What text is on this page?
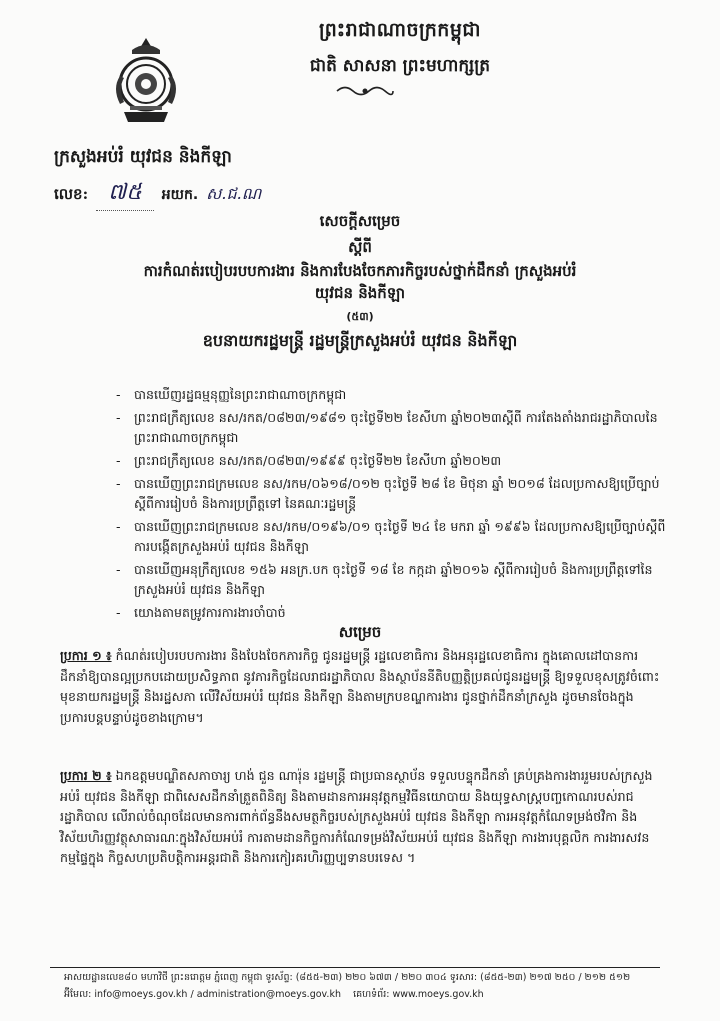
ព្រះរាជាណាចក្រកម្ពុជា
ជាតិ សាសនា ព្រះមហាក្សត្រ
ក្រសួងអប់រំ យុវជន និងកីឡា
លេខ: ៧៥	អយក. ស.ជ.ណ
សេចក្តីសម្រេច
ស្តីពី
ការកំណត់របៀបរបបការងារ និងការបែងចែកភារកិច្ចរបស់ថ្នាក់ដឹកនាំ ក្រសួងអប់រំ យុវជន និងកីឡា
(៥៣)
ឧបនាយករដ្ឋមន្រ្តី រដ្ឋមន្រ្តីក្រសួងអប់រំ យុវជន និងកីឡា
- បានឃើញរដ្ឋធម្មនុញ្ញនៃព្រះរាជាណាចក្រកម្ពុជា
- ព្រះរាជក្រឹត្យលេខ នស/រកត/០៨២៣/១៩៨១ ចុះថ្ងៃទី២២ ខែសីហា ឆ្នាំ២០២៣ស្តីពី ការតែងតាំងរាជរដ្ឋាភិបាលនៃព្រះរាជាណាចក្រកម្ពុជា
- ព្រះរាជក្រឹត្យលេខ នស/រកត/០៨២៣/១៩៩៩ ចុះថ្ងៃទី២២ ខែសីហា ឆ្នាំ២០២៣
- បានឃើញព្រះរាជក្រមលេខ នស/រកម/០៦១៨/០១២ ចុះថ្ងៃទី ២៨ ខែ មិថុនា ឆ្នាំ ២០១៨ ដែលប្រកាសឱ្យប្រើច្បាប់ស្តីពីការរៀបចំ និងការប្រព្រឹត្តទៅ នៃគណៈរដ្ឋមន្ត្រី
- បានឃើញព្រះរាជក្រមលេខ នស/រកម/០១៩៦/០១ ចុះថ្ងៃទី ២៤ ខែ មករា ឆ្នាំ ១៩៩៦ ដែលប្រកាសឱ្យប្រើច្បាប់ស្តីពីការបង្កើតក្រសួងអប់រំ យុវជន និងកីឡា
- បានឃើញអនុក្រឹត្យលេខ ១៥៦ អនក្រ.បក ចុះថ្ងៃទី ១៨ ខែ កក្កដា ឆ្នាំ២០១៦ ស្តីពីការរៀបចំ និងការប្រព្រឹត្តទៅនៃក្រសួងអប់រំ យុវជន និងកីឡា
- យោងតាមតម្រូវការការងារចាំបាច់
សម្រេច
ប្រការ ១ ៖ កំណត់របៀបរបបការងារ និងបែងចែកភារកិច្ច ជូនរដ្ឋមន្ត្រី រដ្ឋលេខាធិការ និងអនុរដ្ឋលេខាធិការ ក្នុងគោលដៅបានការដឹកនាំឱ្យបានល្អប្រកបដោយប្រសិទ្ធភាព នូវភារកិច្ចដែលរាជរដ្ឋាភិបាល និងស្ថាប័ននីតិបញ្ញត្តិប្រគល់ជូនរដ្ឋមន្ត្រី ឱ្យទទួលខុសត្រូវចំពោះមុខនាយករដ្ឋមន្ត្រី និងរដ្ឋសភា លើវិស័យអប់រំ យុវជន និងកីឡា និងតាមក្របខណ្ឌការងារ ជូនថ្នាក់ដឹកនាំក្រសួង ដូចមានចែងក្នុងប្រការបន្តបន្ទាប់ដូចខាងក្រោម។
ប្រការ ២ ៖ ឯកឧត្តមបណ្ឌិតសភាចារ្យ ហង់ ជួន ណារ៉ុន រដ្ឋមន្ត្រី ជាប្រធានស្ថាប័ន ទទួលបន្ទុកដឹកនាំ គ្រប់គ្រងការងាររួមរបស់ក្រសួងអប់រំ យុវជន និងកីឡា ជាពិសេសដឹកនាំត្រួតពិនិត្យ និងតាមដានការអនុវត្តកម្មវិធីនយោបាយ និងយុទ្ធសាស្ត្របញ្ចកោណរបស់រាជរដ្ឋាភិបាល លើរាល់ចំណុចដែលមានការពាក់ព័ន្ធនឹងសមត្ថកិច្ចរបស់ក្រសួងអប់រំ យុវជន និងកីឡា ការអនុវត្តកំណែទម្រង់ថវិកា និងវិស័យហិរញ្ញវត្ថុសាធារណៈក្នុងវិស័យអប់រំ ការតាមដានកិច្ចការកំណែទម្រង់វិស័យអប់រំ យុវជន និងកីឡា ការងារបុគ្គលិក ការងារសវនកម្មផ្ទៃក្នុង កិច្ចសហប្រតិបត្តិការអន្តរជាតិ និងការកៀរគរហិរញ្ញប្បទានបរទេស ។
អាសយដ្ឋានលេខ៨០ មហាវិថី ព្រះនរោត្តម ភ្នំពេញ កម្ពុជា ទូរស័ព្ទ: (៨៥៥-២៣) ២២០ ៦៧៣ / ២២០ ៣០៤ ទូរសារ: (៨៥៥-២៣) ២១៧ ២៥០ / ២១២ ៥១២
អ៊ីមែល: info@moeys.gov.kh / administration@moeys.gov.kh គេហទំព័រ: www.moeys.gov.kh
